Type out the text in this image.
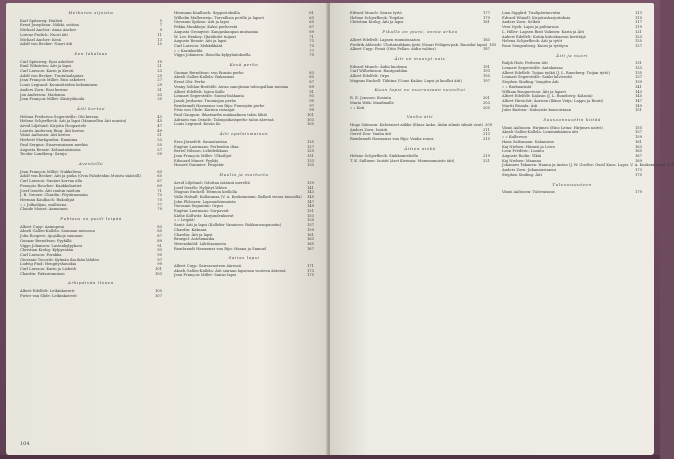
Heikoron sijoista
Karl Spitzweg: Huilisti	5
Ernst Josephson: Näkki, soittaa	7
Michael Ancher: Anna Ancher	9
Lorenz Frølich: Nuori äiti	11
Michael Ancher: Kesä	13
Adolf von Becker: Nuori äiti	15
Sen lakalaus
Carl Spitzweg: Ensi askeleet	19
Emil Wikström: Äiti ja lapsi	21
Carl Larsson: Karin ja Kersti	23
Adolf von Becker: Tuutulaulajatar	25
Jean François Millet: Ensi askeleet	27
Louis Legrand: Kuunsäteiden keksiminen	29
Anders Zorn: Ensi kerran	31
Jan Anderson: Madonna	33
Jean François Millet: Käsityökoulu	35
Äiti kertoo
Helena Frederica Segerstråle: Ohi kerran	43
Helene Schjerfbeck: Äiti ja lapsi (Mamsellen Äiti muistu)	45
Arvid Liljelund: Kirjoita Hoopastele	47
Laurits Andersen Ring: Äiti kertoo	49
Väinö Aaltonen: Äiti kertoo	51
Herbert Markgrafen: Emmiina	53
Paul Sergius: Sisarensaimen merkin	55
Augusta Renoir: Kolmataisinsias	57
Teodor Lundberg: Satuja	59
Aventelle
Jean François Millet: Nukkeliesa	63
Adolf von Becker: Äiti ja poika (Ovia Palodenkin Muistu säästöll)	65
Carl Larsson: Suutari korvaa alla	67
François Boucher: Kaakkolantiet	69
Josef Israëls: Äiti rauhin mieloin	71
J. B. Greuze: Chardin: Pöytäraamata	73
Herman Kaulbach: Rukoilijat	75
» » Julkoilijan, osallisena	77
Claude Monet: Aamuinen	79
Puhtaus on puoli leipää
Albert Cuyp: Aamupesu	83
Akseli Gallen-Kallela: Saunaan menossa	85
John Roopers: Ajojalkoja saunaan	87
Gunnar Berndtson: Pyykillä	89
Viggo Johansen: Lastenkylpykoni	91
Christian Krohg: Kylpyssään	93
Carl Larsson: Porakka	95
Giovanni Toccatti: Kylmän ilm.ikän lähden	97
Ludvig Find: Hengityshauskia	99
Carl Larsson: Karin ja Lisbeth	101
Chardin: Pukeutuminen	103
Arkipäivän ilonen
Albert Edelfelt: Leikinkaverit	105
Pieter van Slide: Leikinkaverit	107
Hermann Kaulbach: Seppostoksilla	61
Wilhelm Mallerwein: Turvallisia perille ja lapset	63
Giovanni Spilzon: Äiti ja lapsi	65
Pekka Munkkeja: Kaksi perheestä	67
Augusta Gronqvist: Kangaskaupan mutsamia	69
W. Lee Henkey: Iltatähdet tuijaut	71
Auguste Renoir: Äiti ja lapsi	73
Carl Larsson: Mekkikkäät	75
» » Karinkielilä	77
Viggo Johansen: Iloiselta kylpylaitoksella	79
Kesä perhe
Gunnar Berndtson: von Bonsin perhe	83
Akseli Gallen-Kallela: Rukarmus	85
Ernst Ohi: Perhe	87
Venny Soldan-Brofeldt: Aivan sanojitaan tulisopalhan-nuisina	89
Albert Edelfelt: Isäen Kalle	91
Lennart Segerstråle: Suomi-lisäkanta	93
Jaaok Jordaens: Tuomiojan perhe	95
Rembrandt Harmensz van Rijn: Puusepän perhe	97
Fritz von Uhde: Koirien ristaajat	99
Paul Gauguin: Ihkatsarfin minkaalinen talen lähtö	101
Adriaen van Ostade: Talonpoikaisperhe talon ääressä	103
Louis Legrand: Kesän ilo	105
Äiti opalaismainen
Eero Järnefelt: Saunataistaa	125
Eugène Laermans: Perheiden iltaa	127
Bertel Nilsson: Lehtileikkaus	129
Jean François Millet: Ulkoilijat	131
Edouard Manet: Pyykki	133
Honoré Daumier: Pesijätär	135
Huolia ja murheita
Arvid Liljelund: Odottaa isäänsä mereltä	139
Josef Israëls: Hyljätyt lähtee	141
Magnus Enckell: Heimon kiellolla	143
Vallo Halsall: Kullanmaa (V. A. Koskenniemi: Balladi vieras tanssilla)	145
John Phlossen: Lapsuudenmaista	147
Giovanni Segantini: Orpos	149
Eugène Laermans: Sorpavatt	151
Käthe Kollwitz: Kurjuudenkuvat	153
» » Leipää!	155
Santi: Äiti ja lapsi (Kollektr Vannisen: Rokkuroonpuustin)	157
Chardin: Kaksaat	159
Chardin: Äiti ja lapsi	161
Bruegel: Astelamatka	163
Werenskiöld: Lähtöaamusta	165
Rembrandt Harmensz van Rijn: Hanna ja Samuel	167
Sairas lapsi
Albert Cuyp: Sairasvuoteen ääressä	171
Akseli Gallen-Kallela: Äiti sairaan lapsensa vuoteen ääressä	173
Jean François Millet: Sairas lapsi	175
104
Edvard Munch: Sairas tyttö	177
Helene Schjerfbeck: Toipilas	179
Christian Krohg: Äiti ja lapsi	181
Pikalla on pieni, onnia arkea
Albert Edelfelt: Lapsen ruumissaaton	183
Fredrik Ahlstedt: Ulottatarkkain tyttö (Sisari Pelägen-pak: Ruusilat lapsi) 185
Albert Cuyp: Pienä (Otto Pellan: Äidin valitus)	187
Äiti on muuvyt ouis
Edvard Munch: Äidin kuolema	191
Carl Wilhelmson: Rautgonblan	193
Albert Edelfelt: Orpo	195
Magnus Enckell: Tähtina (Uuno Kailas: Lapsi ja kuollut äiti)	197
Kuun lapsi ne nuorossaan vuonihoi
R. E. Jonsson: Kosinta	201
Maria Wiik: Maailmalle	203
» » Koti	205
Vanha äiti
Hugo Salmson: Kahviaiset aiikke (Einar Anko: Äidin silmät silmät ovat) 209
Anders Zorn: Isoäiti	211
Gerrit Dou: Vanha äiti	213
Rembrandt Harmensz van Rijn: Vanha rouva	215
Äitien niskä
Helene Schjerfbeck: Sinkkomiehella	219
T. K. Sallinen: Isoäiti (Arvi Kivimaa: Mummomuisto äiti)	221
Lina Siggård: Tuulipäiväuvutta	113
Edvard Wiinell: Kirjoitusharjoituksia	115
Anders Zorn: Selkeä	117
Vera Vgeb: Lapsi ja puhtaruus	119
L. Hiller: Lapsen Risti Valimen: Karin ja Äiti	121
Aubert Edelfelt: Kotiin kiitoskuoron kerittäjä	123
Helena Schjerfbeck: Äiti ja tytöt	125
Rose Sengenberg: Kuusi ja tyttöjen	127
Äiti ja nuori
Ralph Hals: Perheen äiti	131
Lennart Segerstråle: Antakaisaa	133
Albert Edelfelt: Tuijan työkä (J. L. Runeberg: Tuijan tyttö)	135
Lennart Segerstråle: Sanki-lalvivestit	137
Stephen Sinding: Vangitiu Äiti	139
» » Barbaarinät	141
William Bouguereau: Äiti ja lapset	143
Albert Edelfelt: Kalasin (J. L. Runeberg: Kalasin)	145
Albert Hiroichit: Äarisen (Ikkoo Vatja: Lappu ja Ruuti)	147
Martti Rissala: Äiti	149
Jules Bastien-: Kuloaiste kauvoistaan	151
Suusoonnuuttin kiitää
Väinö Aaltonen: Hirjimes (Eino Leino: Hirjimes nativi)	155
Akseli Gallen-Kallela: Lemminkäinen äiti	157
» » Kullervon	159
Hans Saltsmaan: Kalamiese	161
Kaj Nielsen: Hämeä ja Leivo	163
Leon Frédéric: Luonto	165
Auguste Rodin: Ylkiä	167
Kaj Nielsen: Maanna	169
Johannes Takanen: Hannu ja Anton (J. W. Goethe: Gustl Kaus. Lapsi. V. A. Koskenniemi) 171
Anders Zorn: Juhannustanssi	173
Stephen Sinding: Äiti	175
Tulevaisuuteen
Väinö Aaltonen: Tulevaisuus	179
